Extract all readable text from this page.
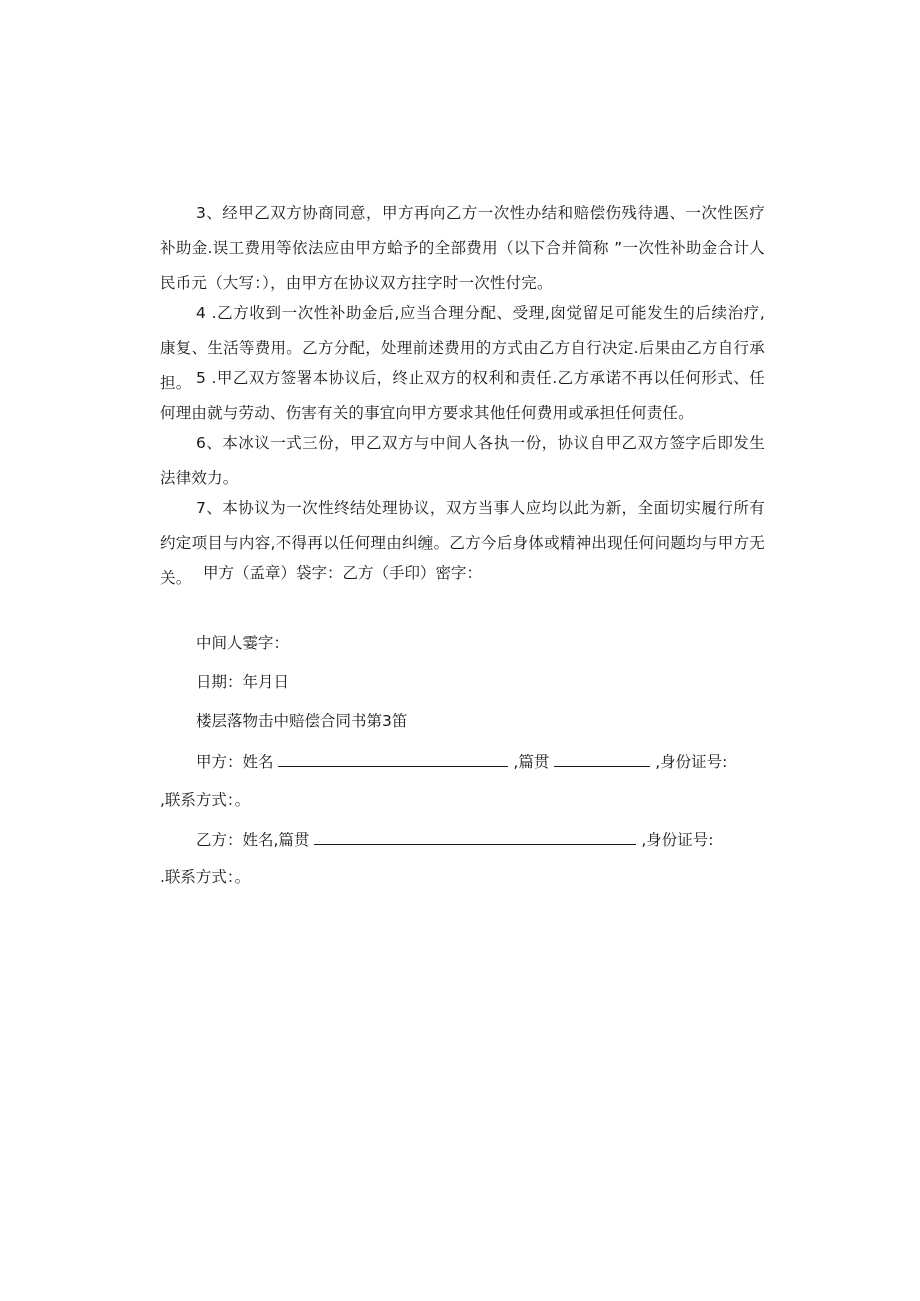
3、经甲乙双方协商同意，甲方再向乙方一次性办结和赔偿伤残待遇、一次性医疗补助金.误工费用等依法应由甲方蛤予的全部费用（以下合并简称 ”一次性补助金合计人民币元（大写：），由甲方在协议双方拄字时一次性付完。

4 .乙方收到一次性补助金后,应当合理分配、受理,囱觉留足可能发生的后续治疗,康复、生活等费用。乙方分配，处理前述费用的方式由乙方自行决定.后果由乙方自行承担。 5 .甲乙双方签署本协议后，终止双方的权利和责任.乙方承诺不再以任何形式、任何理由就与劳动、伤害有关的事宜向甲方要求其他任何费用或承担任何责任。

6、本冰议一式三份，甲乙双方与中间人各执一份，协议自甲乙双方签字后即发生法律效力。

7、本协议为一次性终结处理协议，双方当事人应均以此为新，全面切实履行所有约定项目与内容,不得再以任何理由纠缠。乙方今后身体或精神出现任何问题均与甲方无关。 甲方（孟章）袋字：乙方（手印）密字：

中间人霎字：

日期：年月日

楼层落物击中赔偿合同书第3笛

甲方：姓名	,篇贯	,身份证号:

,联系方式：。

乙方：姓名,篇贯	,身份证号:

.联系方式：。
